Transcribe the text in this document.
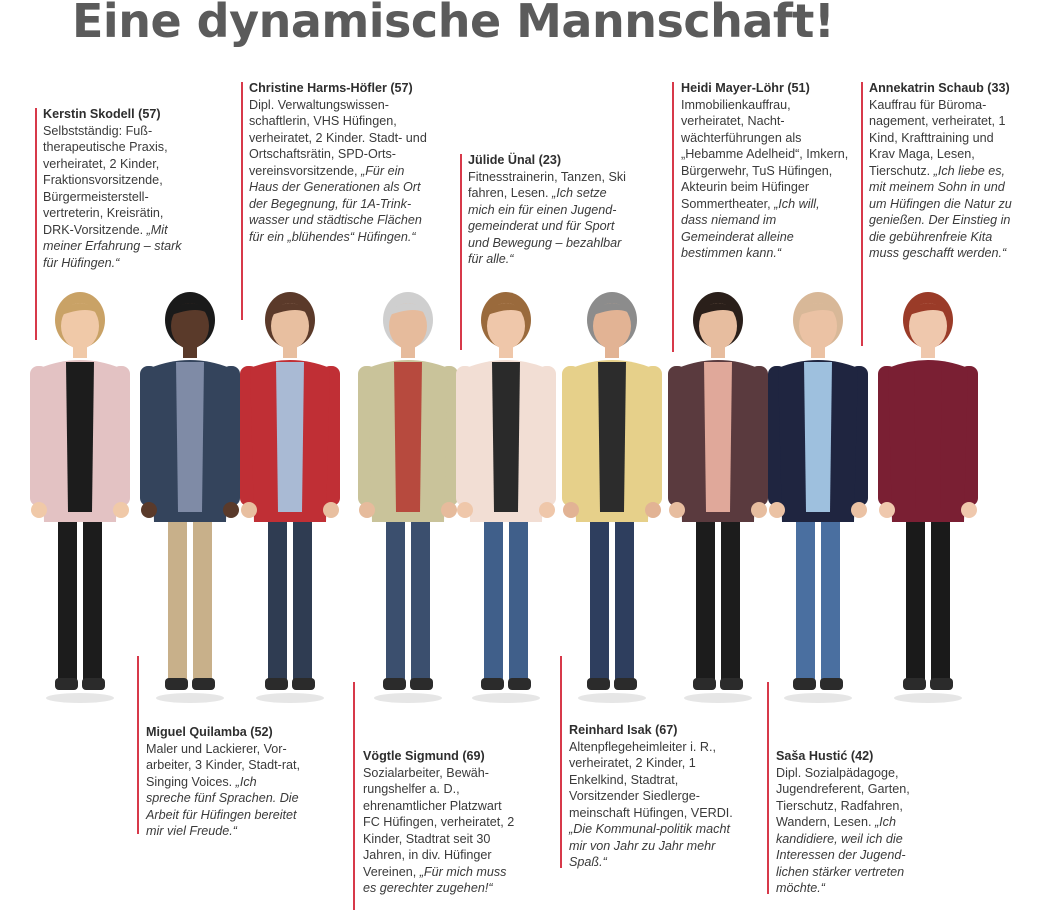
Eine dynamische Mannschaft!
Kerstin Skodell (57)
Selbstständig: Fuß-therapeutische Praxis, verheiratet, 2 Kinder, Fraktionsvorsitzende, Bürgermeisterstell-vertreterin, Kreisrätin, DRK-Vorsitzende. „Mit meiner Erfahrung – stark für Hüfingen.“
Christine Harms-Höfler (57)
Dipl. Verwaltungswissen-schaftlerin, VHS Hüfingen, verheiratet, 2 Kinder. Stadt- und Ortschaftsrätin, SPD-Orts-vereinsvorsitzende, „Für ein Haus der Generationen als Ort der Begegnung, für 1A-Trink-wasser und städtische Flächen für ein „blühendes“ Hüfingen.“
Jülide Ünal (23)
Fitnesstrainerin, Tanzen, Ski fahren, Lesen. „Ich setze mich ein für einen Jugend-gemeinderat und für Sport und Bewegung – bezahlbar für alle.“
Heidi Mayer-Löhr (51)
Immobilienkauffrau, verheiratet, Nacht-wächterführungen als „Hebamme Adelheid“, Imkern, Bürgerwehr, TuS Hüfingen, Akteurin beim Hüfinger Sommertheater, „Ich will, dass niemand im Gemeinderat alleine bestimmen kann.“
Annekatrin Schaub (33)
Kauffrau für Büroma-nagement, verheiratet, 1 Kind, Krafttraining und Krav Maga, Lesen, Tierschutz. „Ich liebe es, mit meinem Sohn in und um Hüfingen die Natur zu genießen. Der Einstieg in die gebührenfreie Kita muss geschafft werden.“
Miguel Quilamba (52)
Maler und Lackierer, Vor-arbeiter, 3 Kinder, Stadt-rat, Singing Voices. „Ich spreche fünf Sprachen. Die Arbeit für Hüfingen bereitet mir viel Freude.“
Vögtle Sigmund (69)
Sozialarbeiter, Bewäh-rungshelfer a. D., ehrenamtlicher Platzwart FC Hüfingen, verheiratet, 2 Kinder, Stadtrat seit 30 Jahren, in div. Hüfinger Vereinen, „Für mich muss es gerechter zugehen!“
Reinhard Isak (67)
Altenpflegeheimleiter i. R., verheiratet, 2 Kinder, 1 Enkelkind, Stadtrat, Vorsitzender Siedlerge-meinschaft Hüfingen, VERDI. „Die Kommunal-politik macht mir von Jahr zu Jahr mehr Spaß.“
Saša Hustić (42)
Dipl. Sozialpädagoge, Jugendreferent, Garten, Tierschutz, Radfahren, Wandern, Lesen. „Ich kandidiere, weil ich die Interessen der Jugend-lichen stärker vertreten möchte.“
